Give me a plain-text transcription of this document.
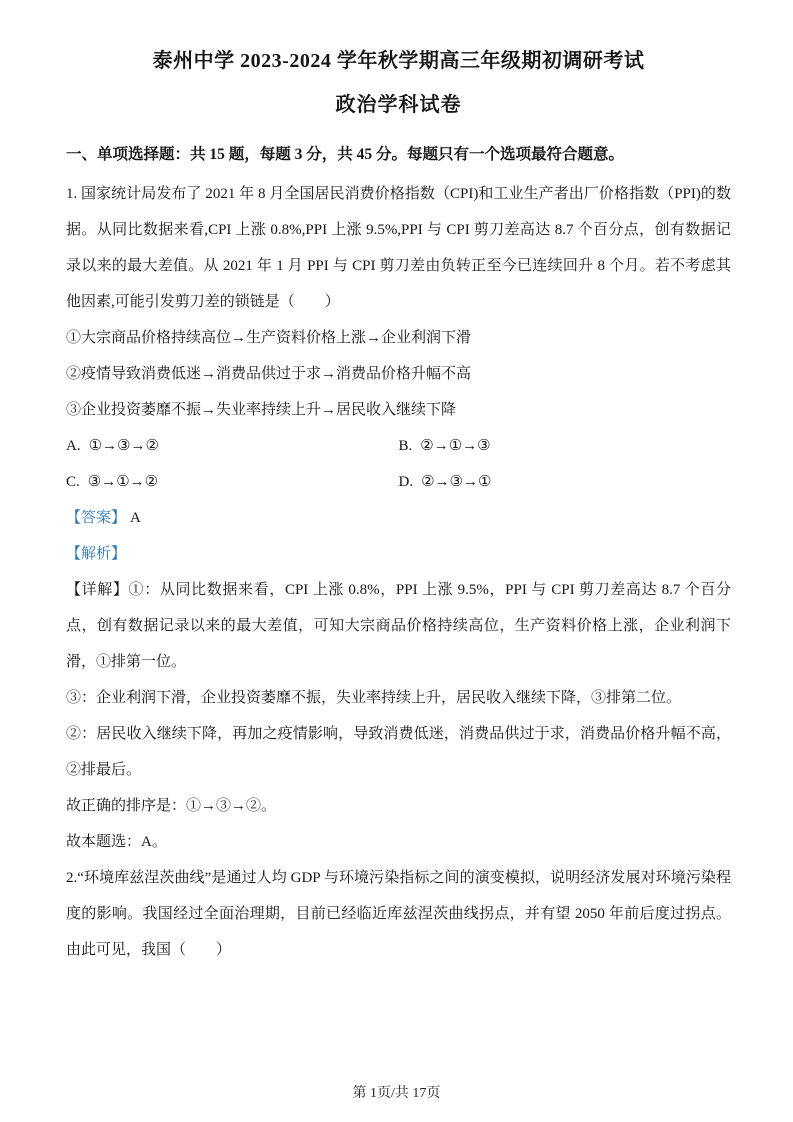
泰州中学 2023-2024 学年秋学期高三年级期初调研考试
政治学科试卷
一、单项选择题：共 15 题，每题 3 分，共 45 分。每题只有一个选项最符合题意。

1. 国家统计局发布了 2021 年 8 月全国居民消费价格指数（CPI)和工业生产者出厂价格指数（PPI)的数据。从同比数据来看,CPI 上涨 0.8%,PPI 上涨 9.5%,PPI 与 CPI 剪刀差高达 8.7 个百分点，创有数据记录以来的最大差值。从 2021 年 1 月 PPI 与 CPI 剪刀差由负转正至今已连续回升 8 个月。若不考虑其他因素,可能引发剪刀差的锁链是（　　）

①大宗商品价格持续高位→生产资料价格上涨→企业利润下滑

②疫情导致消费低迷→消费品供过于求→消费品价格升幅不高

③企业投资萎靡不振→失业率持续上升→居民收入继续下降

A. ①→③→②	B. ②→①→③
C. ③→①→②	D. ②→③→①

【答案】 A

【解析】

【详解】①：从同比数据来看，CPI 上涨 0.8%，PPI 上涨 9.5%，PPI 与 CPI 剪刀差高达 8.7 个百分点，创有数据记录以来的最大差值，可知大宗商品价格持续高位，生产资料价格上涨，企业利润下滑，①排第一位。

③：企业利润下滑，企业投资萎靡不振，失业率持续上升，居民收入继续下降，③排第二位。

②：居民收入继续下降，再加之疫情影响，导致消费低迷，消费品供过于求，消费品价格升幅不高，②排最后。

故正确的排序是：①→③→②。

故本题选：A。

2.“环境库兹涅茨曲线”是通过人均 GDP 与环境污染指标之间的演变模拟，说明经济发展对环境污染程度的影响。我国经过全面治理期，目前已经临近库兹涅茨曲线拐点，并有望 2050 年前后度过拐点。由此可见，我国（　　）

第 1页/共 17页
